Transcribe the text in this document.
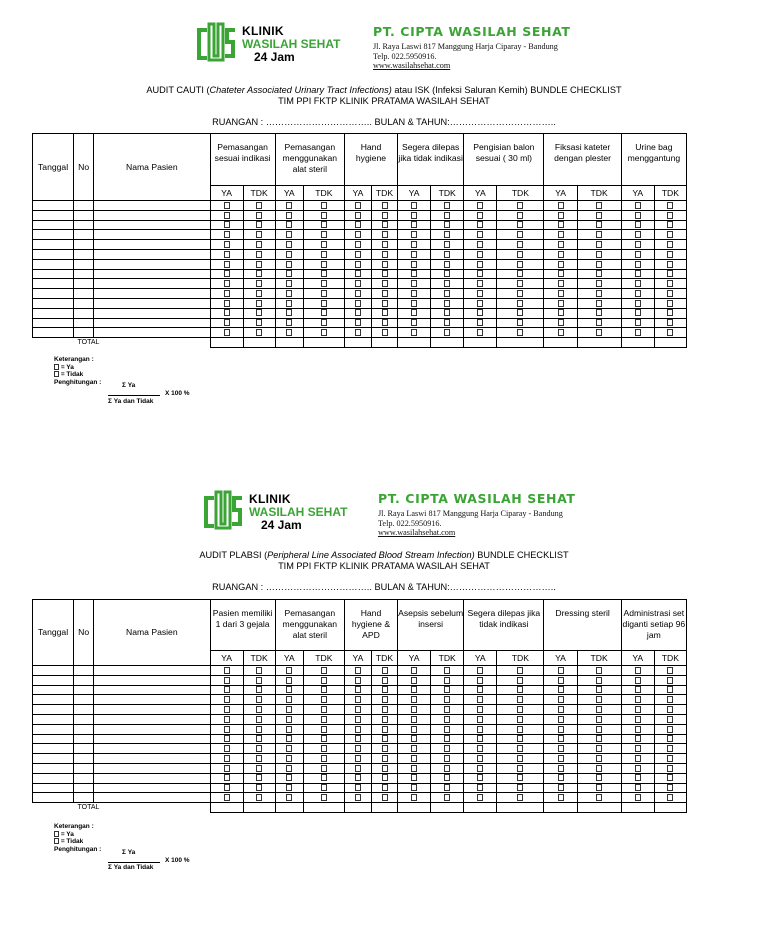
KLINIK
WASILAH SEHAT
24 Jam
PT. CIPTA WASILAH SEHAT
Jl. Raya Laswi 817 Manggung Harja Ciparay - Bandung
Telp. 022.5950916.
www.wasilahsehat.com
AUDIT CAUTI (Chateter Associated Urinary Tract Infections) atau ISK (Infeksi Saluran Kemih) BUNDLE CHECKLIST
TIM PPI FKTP KLINIK PRATAMA WASILAH SEHAT
RUANGAN : …………………………….. BULAN & TAHUN:……………………………..
Tanggal	No	Nama Pasien	Pemasangan sesuai indikasi		Pemasangan menggunakan alat steril		Hand hygiene		Segera dilepas jika tidak indikasi		Pengisian balon sesuai ( 30 ml)		Fiksasi kateter dengan plester		Urine bag menggantung	
			YA	TDK	YA	TDK	YA	TDK	YA	TDK	YA	TDK	YA	TDK	YA	TDK

TOTAL																
Keterangan :
= Ya
= Tidak
Penghitungan :	Σ Ya
X 100 %
Σ Ya dan Tidak
KLINIK
WASILAH SEHAT
24 Jam
PT. CIPTA WASILAH SEHAT
Jl. Raya Laswi 817 Manggung Harja Ciparay - Bandung
Telp. 022.5950916.
www.wasilahsehat.com
AUDIT PLABSI (Peripheral Line Associated Blood Stream Infection) BUNDLE CHECKLIST
TIM PPI FKTP KLINIK PRATAMA WASILAH SEHAT
RUANGAN : …………………………….. BULAN & TAHUN:……………………………..
Tanggal	No	Nama Pasien	Pasien memiliki 1 dari 3 gejala		Pemasangan menggunakan alat steril		Hand hygiene & APD		Asepsis sebelum insersi		Segera dilepas jika tidak indikasi		Dressing steril		Administrasi set diganti setiap 96 jam	
			YA	TDK	YA	TDK	YA	TDK	YA	TDK	YA	TDK	YA	TDK	YA	TDK

TOTAL																
Keterangan :
= Ya
= Tidak
Penghitungan :	Σ Ya
X 100 %
Σ Ya dan Tidak
